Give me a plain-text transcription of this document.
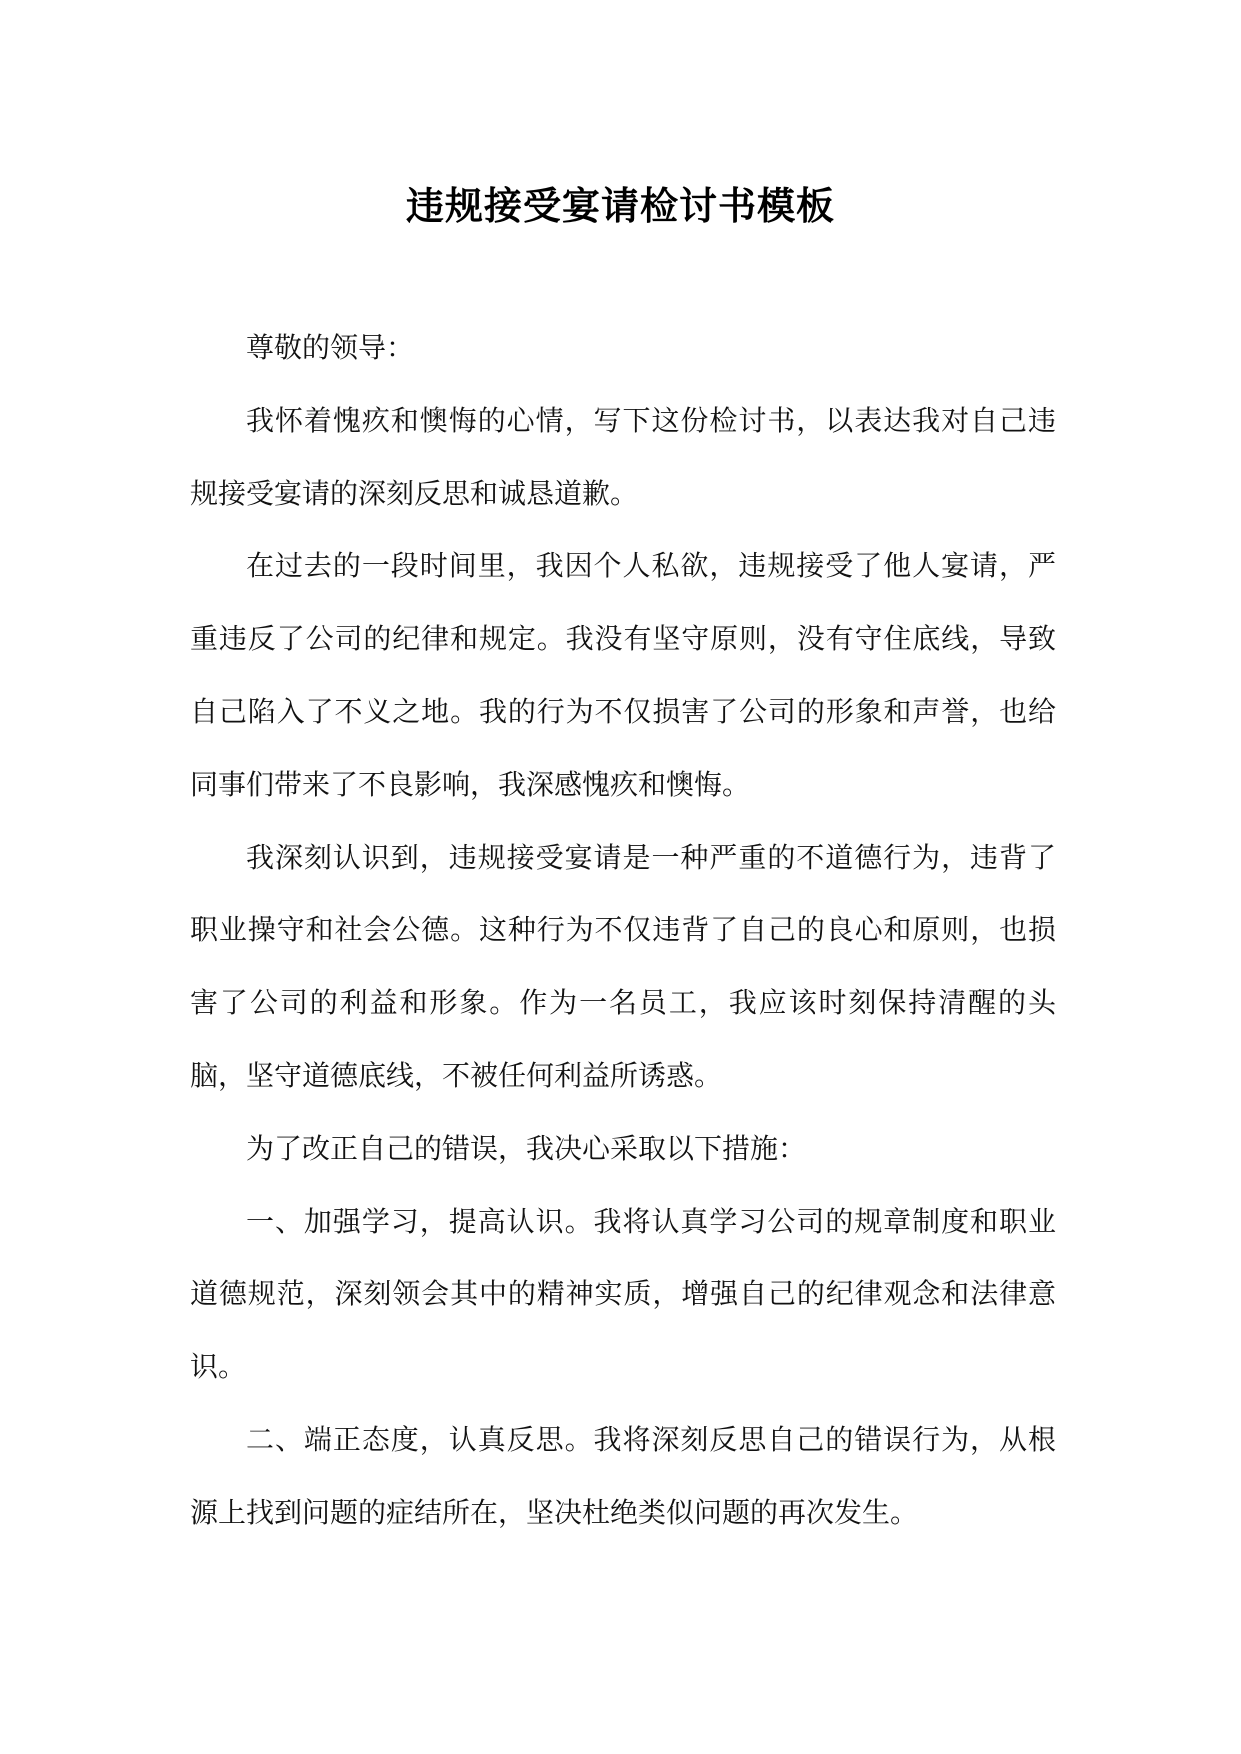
违规接受宴请检讨书模板

尊敬的领导：

我怀着愧疚和懊悔的心情，写下这份检讨书，以表达我对自己违规接受宴请的深刻反思和诚恳道歉。

在过去的一段时间里，我因个人私欲，违规接受了他人宴请，严重违反了公司的纪律和规定。我没有坚守原则，没有守住底线，导致自己陷入了不义之地。我的行为不仅损害了公司的形象和声誉，也给同事们带来了不良影响，我深感愧疚和懊悔。

我深刻认识到，违规接受宴请是一种严重的不道德行为，违背了职业操守和社会公德。这种行为不仅违背了自己的良心和原则，也损害了公司的利益和形象。作为一名员工，我应该时刻保持清醒的头脑，坚守道德底线，不被任何利益所诱惑。

为了改正自己的错误，我决心采取以下措施：

一、加强学习，提高认识。我将认真学习公司的规章制度和职业道德规范，深刻领会其中的精神实质，增强自己的纪律观念和法律意识。

二、端正态度，认真反思。我将深刻反思自己的错误行为，从根源上找到问题的症结所在，坚决杜绝类似问题的再次发生。
